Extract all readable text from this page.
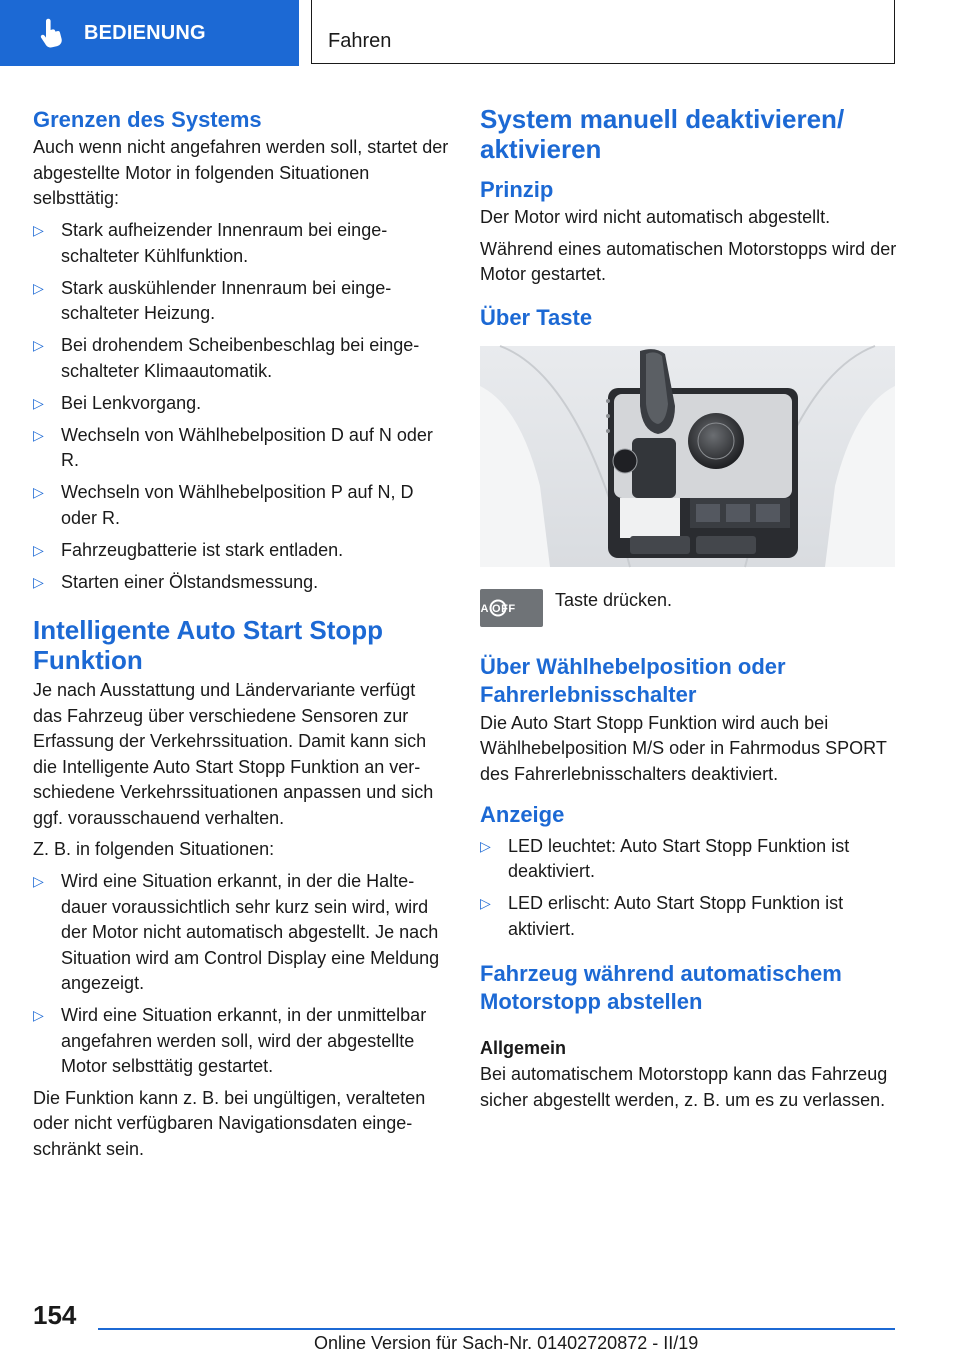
BEDIENUNG	Fahren
Grenzen des Systems

Auch wenn nicht angefahren werden soll, startet der abgestellte Motor in folgenden Situationen selbsttätig:

▷ Stark aufheizender Innenraum bei eingeschalteter Kühlfunktion.
▷ Stark auskühlender Innenraum bei eingeschalteter Heizung.
▷ Bei drohendem Scheibenbeschlag bei eingeschalteter Klimaautomatik.
▷ Bei Lenkvorgang.
▷ Wechseln von Wählhebelposition D auf N oder R.
▷ Wechseln von Wählhebelposition P auf N, D oder R.
▷ Fahrzeugbatterie ist stark entladen.
▷ Starten einer Ölstandsmessung.
Intelligente Auto Start Stopp Funktion

Je nach Ausstattung und Ländervariante verfügt das Fahrzeug über verschiedene Sensoren zur Erfassung der Verkehrssituation. Damit kann sich die Intelligente Auto Start Stopp Funktion an verschiedene Verkehrssituationen anpassen und sich ggf. vorausschauend verhalten.

Z. B. in folgenden Situationen:

▷ Wird eine Situation erkannt, in der die Haltedauer voraussichtlich sehr kurz sein wird, wird der Motor nicht automatisch abgestellt. Je nach Situation wird am Control Display eine Meldung angezeigt.
▷ Wird eine Situation erkannt, in der unmittelbar angefahren werden soll, wird der abgestellte Motor selbsttätig gestartet.

Die Funktion kann z. B. bei ungültigen, veralteten oder nicht verfügbaren Navigationsdaten eingeschränkt sein.

System manuell deaktivieren/ aktivieren
Prinzip

Der Motor wird nicht automatisch abgestellt.

Während eines automatischen Motorstopps wird der Motor gestartet.

Über Taste
A OFF Taste drücken.

Über Wählhebelposition oder Fahrerlebnisschalter

Die Auto Start Stopp Funktion wird auch bei Wählhebelposition M/S oder in Fahrmodus SPORT des Fahrerlebnisschalters deaktiviert.

Anzeige
▷ LED leuchtet: Auto Start Stopp Funktion ist deaktiviert.
▷ LED erlischt: Auto Start Stopp Funktion ist aktiviert.
Fahrzeug während automatischem Motorstopp abstellen
Allgemein

Bei automatischem Motorstopp kann das Fahrzeug sicher abgestellt werden, z. B. um es zu verlassen.

154
Online Version für Sach-Nr. 01402720872 - II/19
